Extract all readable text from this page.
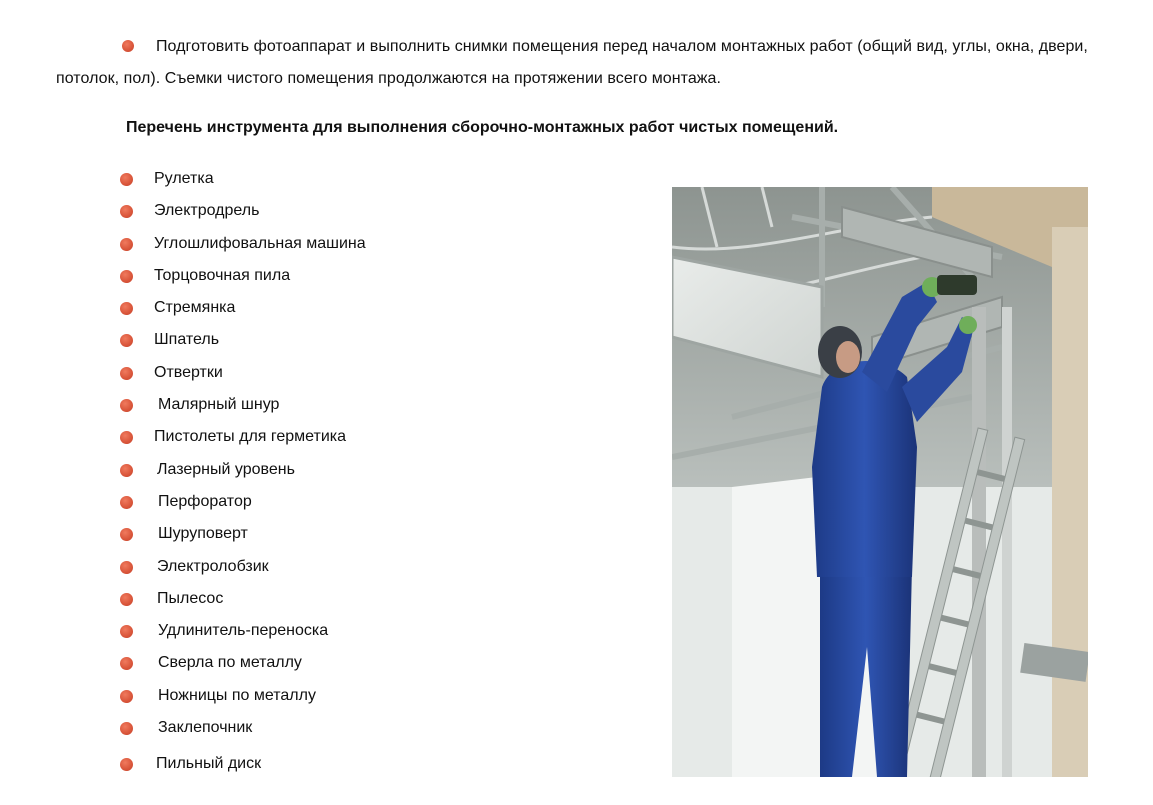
Подготовить фотоаппарат и выполнить снимки помещения перед началом монтажных работ (общий вид, углы, окна, двери, потолок, пол). Съемки чистого помещения продолжаются на протяжении всего монтажа.
Перечень инструмента для выполнения сборочно-монтажных работ чистых помещений.
Рулетка
Электродрель
Углошлифовальная машина
Торцовочная пила
Стремянка
Шпатель
Отвертки
Малярный шнур
Пистолеты для герметика
Лазерный уровень
Перфоратор
Шуруповерт
Электролобзик
Пылесос
Удлинитель-переноска
Сверла по металлу
Ножницы по металлу
Заклепочник
Пильный диск
